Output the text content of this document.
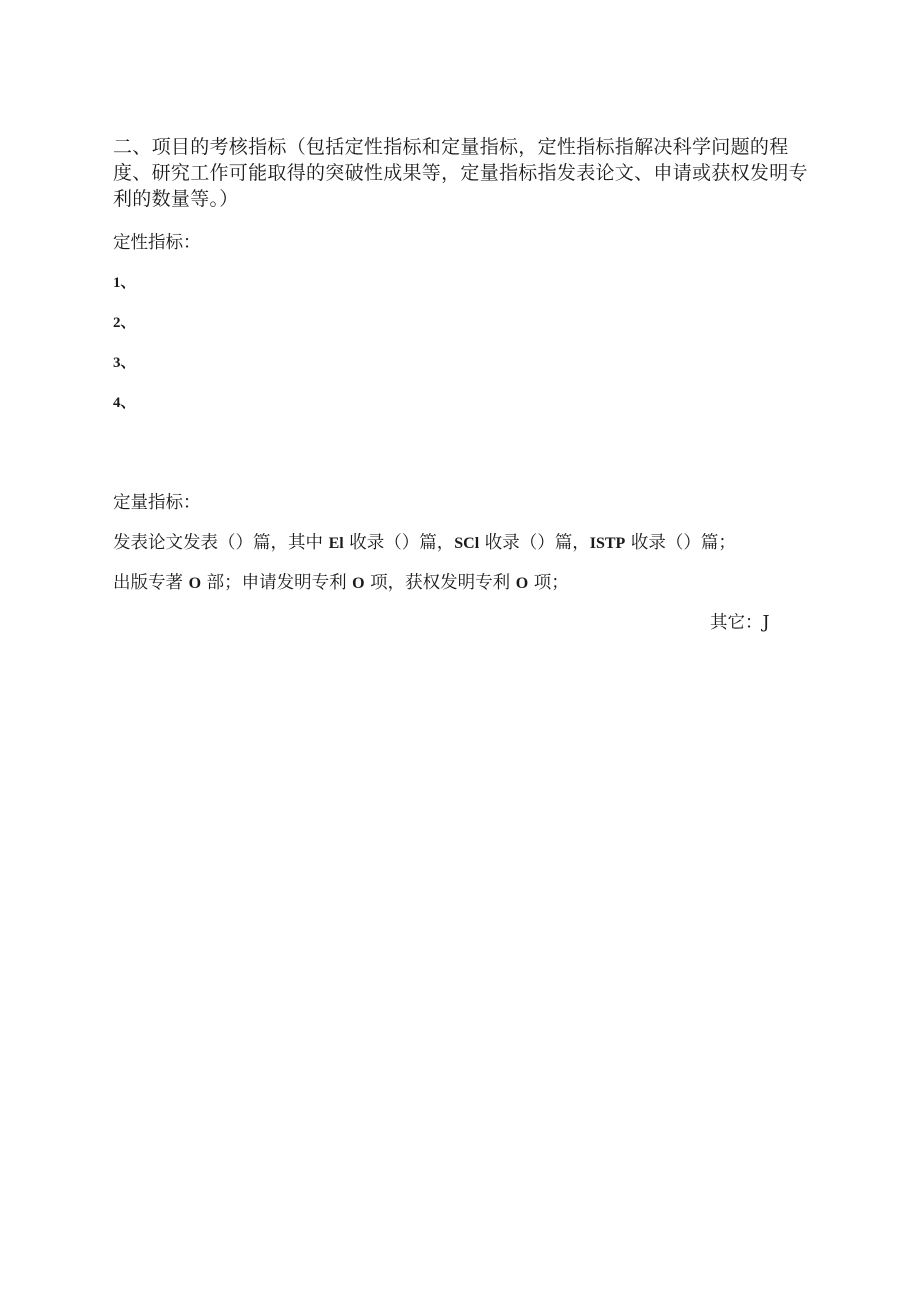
二、项目的考核指标（包括定性指标和定量指标，定性指标指解决科学问题的程度、研究工作可能取得的突破性成果等，定量指标指发表论文、申请或获权发明专利的数量等。）
定性指标：
1、
2、
3、
4、
定量指标：
发表论文发表（）篇，其中 El 收录（）篇，SCl 收录（）篇，ISTP 收录（）篇；
出版专著 O 部；申请发明专利 O 项，获权发明专利 O 项；
其它：J
